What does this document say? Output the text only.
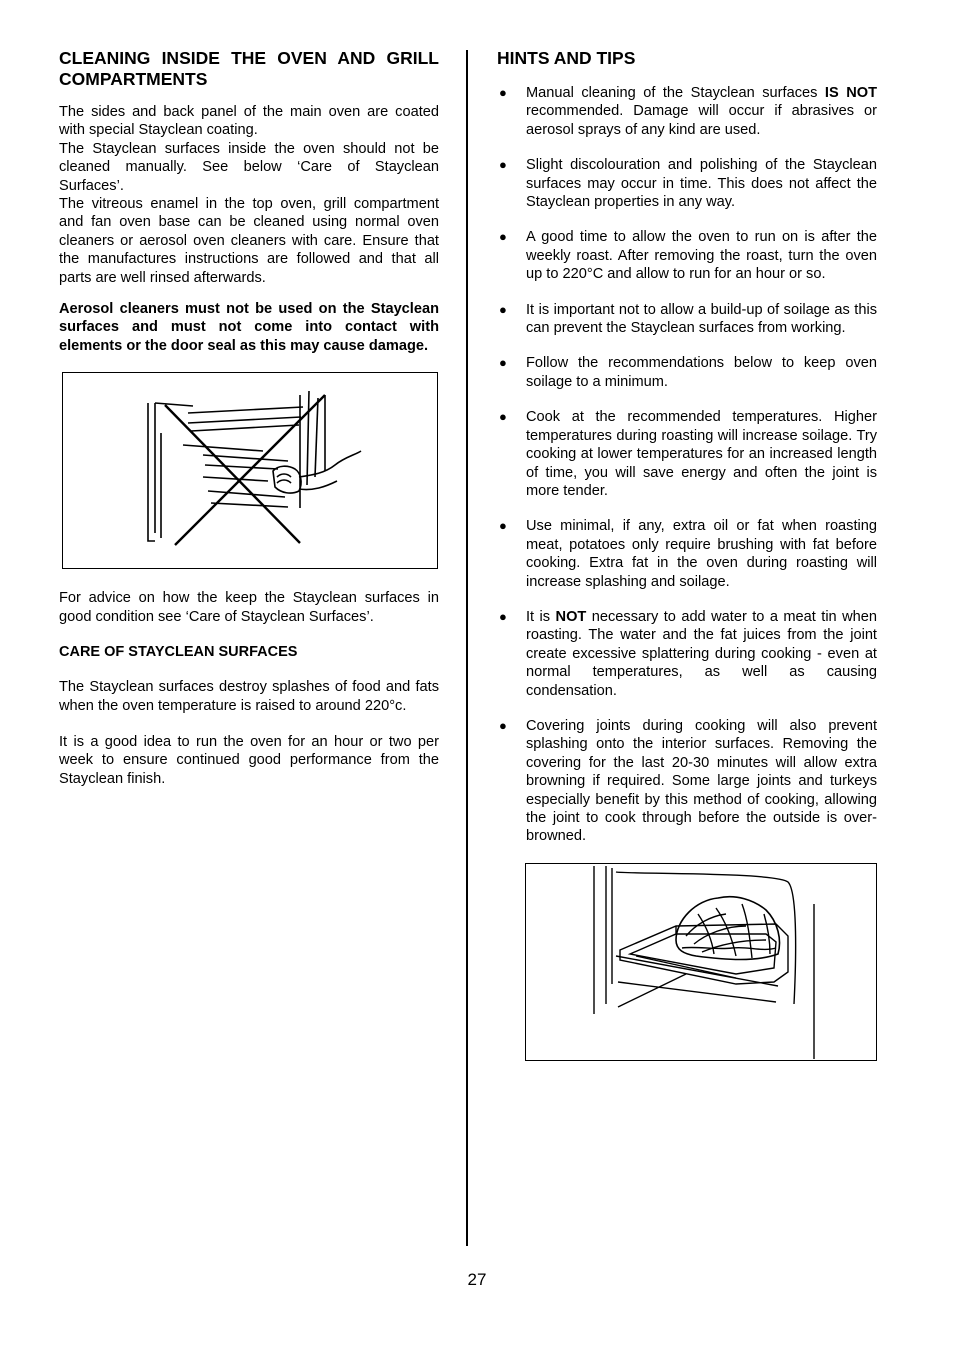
CLEANING INSIDE THE OVEN AND GRILL COMPARTMENTS

The sides and back panel of the main oven are coated with special Stayclean coating.

The Stayclean surfaces inside the oven should not be cleaned manually. See below ‘Care of Stayclean Surfaces’.

The vitreous enamel in the top oven, grill compartment and fan oven base can be cleaned using normal oven cleaners or aerosol oven cleaners with care. Ensure that the manufactures instructions are followed and that all parts are well rinsed afterwards.

Aerosol cleaners must not be used on the Stayclean surfaces and must not come into contact with elements or the door seal as this may cause damage.

For advice on how the keep the Stayclean surfaces in good condition see ‘Care of Stayclean Surfaces’.

CARE OF STAYCLEAN SURFACES

The Stayclean surfaces destroy splashes of food and fats when the oven temperature is raised to around 220°c.

It is a good idea to run the oven for an hour or two per week to ensure continued good performance from the Stayclean finish.

HINTS AND TIPS
● Manual cleaning of the Stayclean surfaces IS NOT recommended. Damage will occur if abrasives or aerosol sprays of any kind are used.

● Slight discolouration and polishing of the Stayclean surfaces may occur in time. This does not affect the Stayclean properties in any way.

● A good time to allow the oven to run on is after the weekly roast. After removing the roast, turn the oven up to 220°C and allow to run for an hour or so.

● It is important not to allow a build-up of soilage as this can prevent the Stayclean surfaces from working.

● Follow the recommendations below to keep oven soilage to a minimum.

● Cook at the recommended temperatures. Higher temperatures during roasting will increase soilage. Try cooking at lower temperatures for an increased length of time, you will save energy and often the joint is more tender.

● Use minimal, if any, extra oil or fat when roasting meat, potatoes only require brushing with fat before cooking. Extra fat in the oven during roasting will increase splashing and soilage.

● It is NOT necessary to add water to a meat tin when roasting. The water and the fat juices from the joint create excessive splattering during cooking - even at normal temperatures, as well as causing condensation.

● Covering joints during cooking will also prevent splashing onto the interior surfaces. Removing the covering for the last 20-30 minutes will allow extra browning if required. Some large joints and turkeys especially benefit by this method of cooking, allowing the joint to cook through before the outside is over-browned.

27
